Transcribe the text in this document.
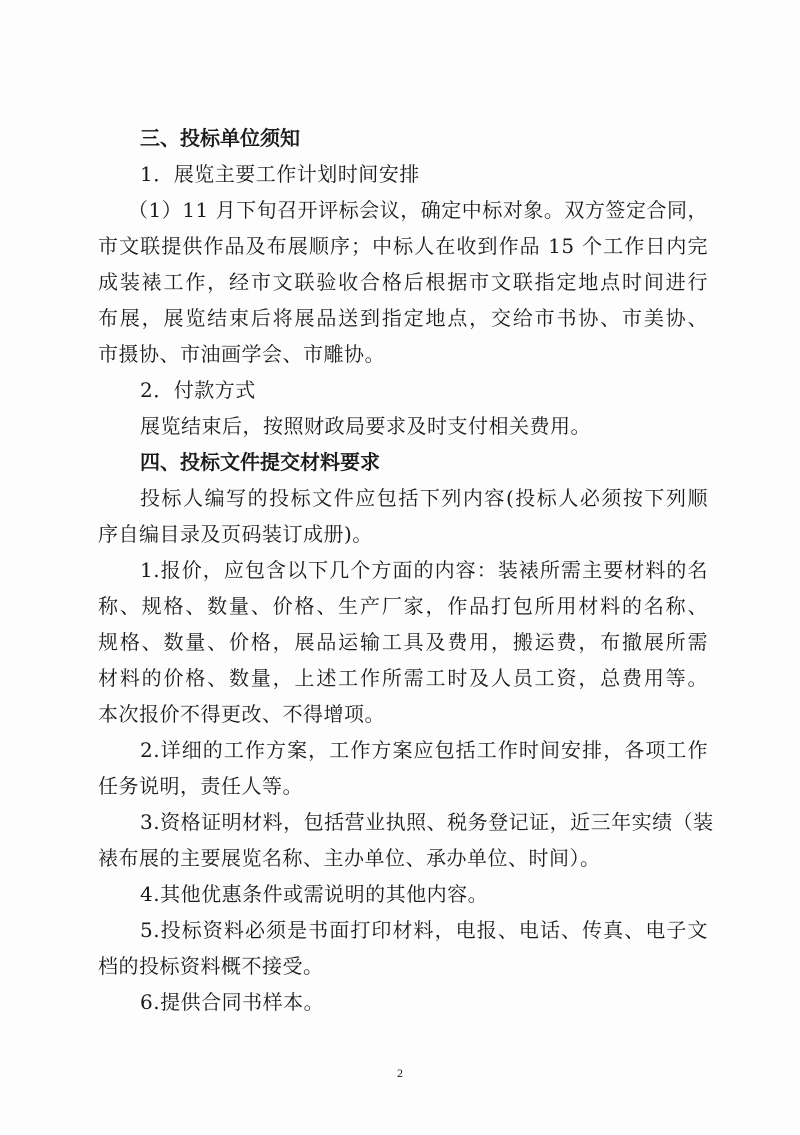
三、投标单位须知
1．展览主要工作计划时间安排
（1）11 月下旬召开评标会议，确定中标对象。双方签定合同，
市文联提供作品及布展顺序；中标人在收到作品 15 个工作日内完
成装裱工作，经市文联验收合格后根据市文联指定地点时间进行
布展，展览结束后将展品送到指定地点，交给市书协、市美协、
市摄协、市油画学会、市雕协。
2．付款方式
展览结束后，按照财政局要求及时支付相关费用。
四、投标文件提交材料要求
投标人编写的投标文件应包括下列内容(投标人必须按下列顺
序自编目录及页码装订成册)。
1.报价，应包含以下几个方面的内容：装裱所需主要材料的名
称、规格、数量、价格、生产厂家，作品打包所用材料的名称、
规格、数量、价格，展品运输工具及费用，搬运费，布撤展所需
材料的价格、数量，上述工作所需工时及人员工资，总费用等。
本次报价不得更改、不得增项。
2.详细的工作方案，工作方案应包括工作时间安排，各项工作
任务说明，责任人等。
3.资格证明材料，包括营业执照、税务登记证，近三年实绩（装
裱布展的主要展览名称、主办单位、承办单位、时间）。
4.其他优惠条件或需说明的其他内容。
5.投标资料必须是书面打印材料，电报、电话、传真、电子文
档的投标资料概不接受。
6.提供合同书样本。
2
